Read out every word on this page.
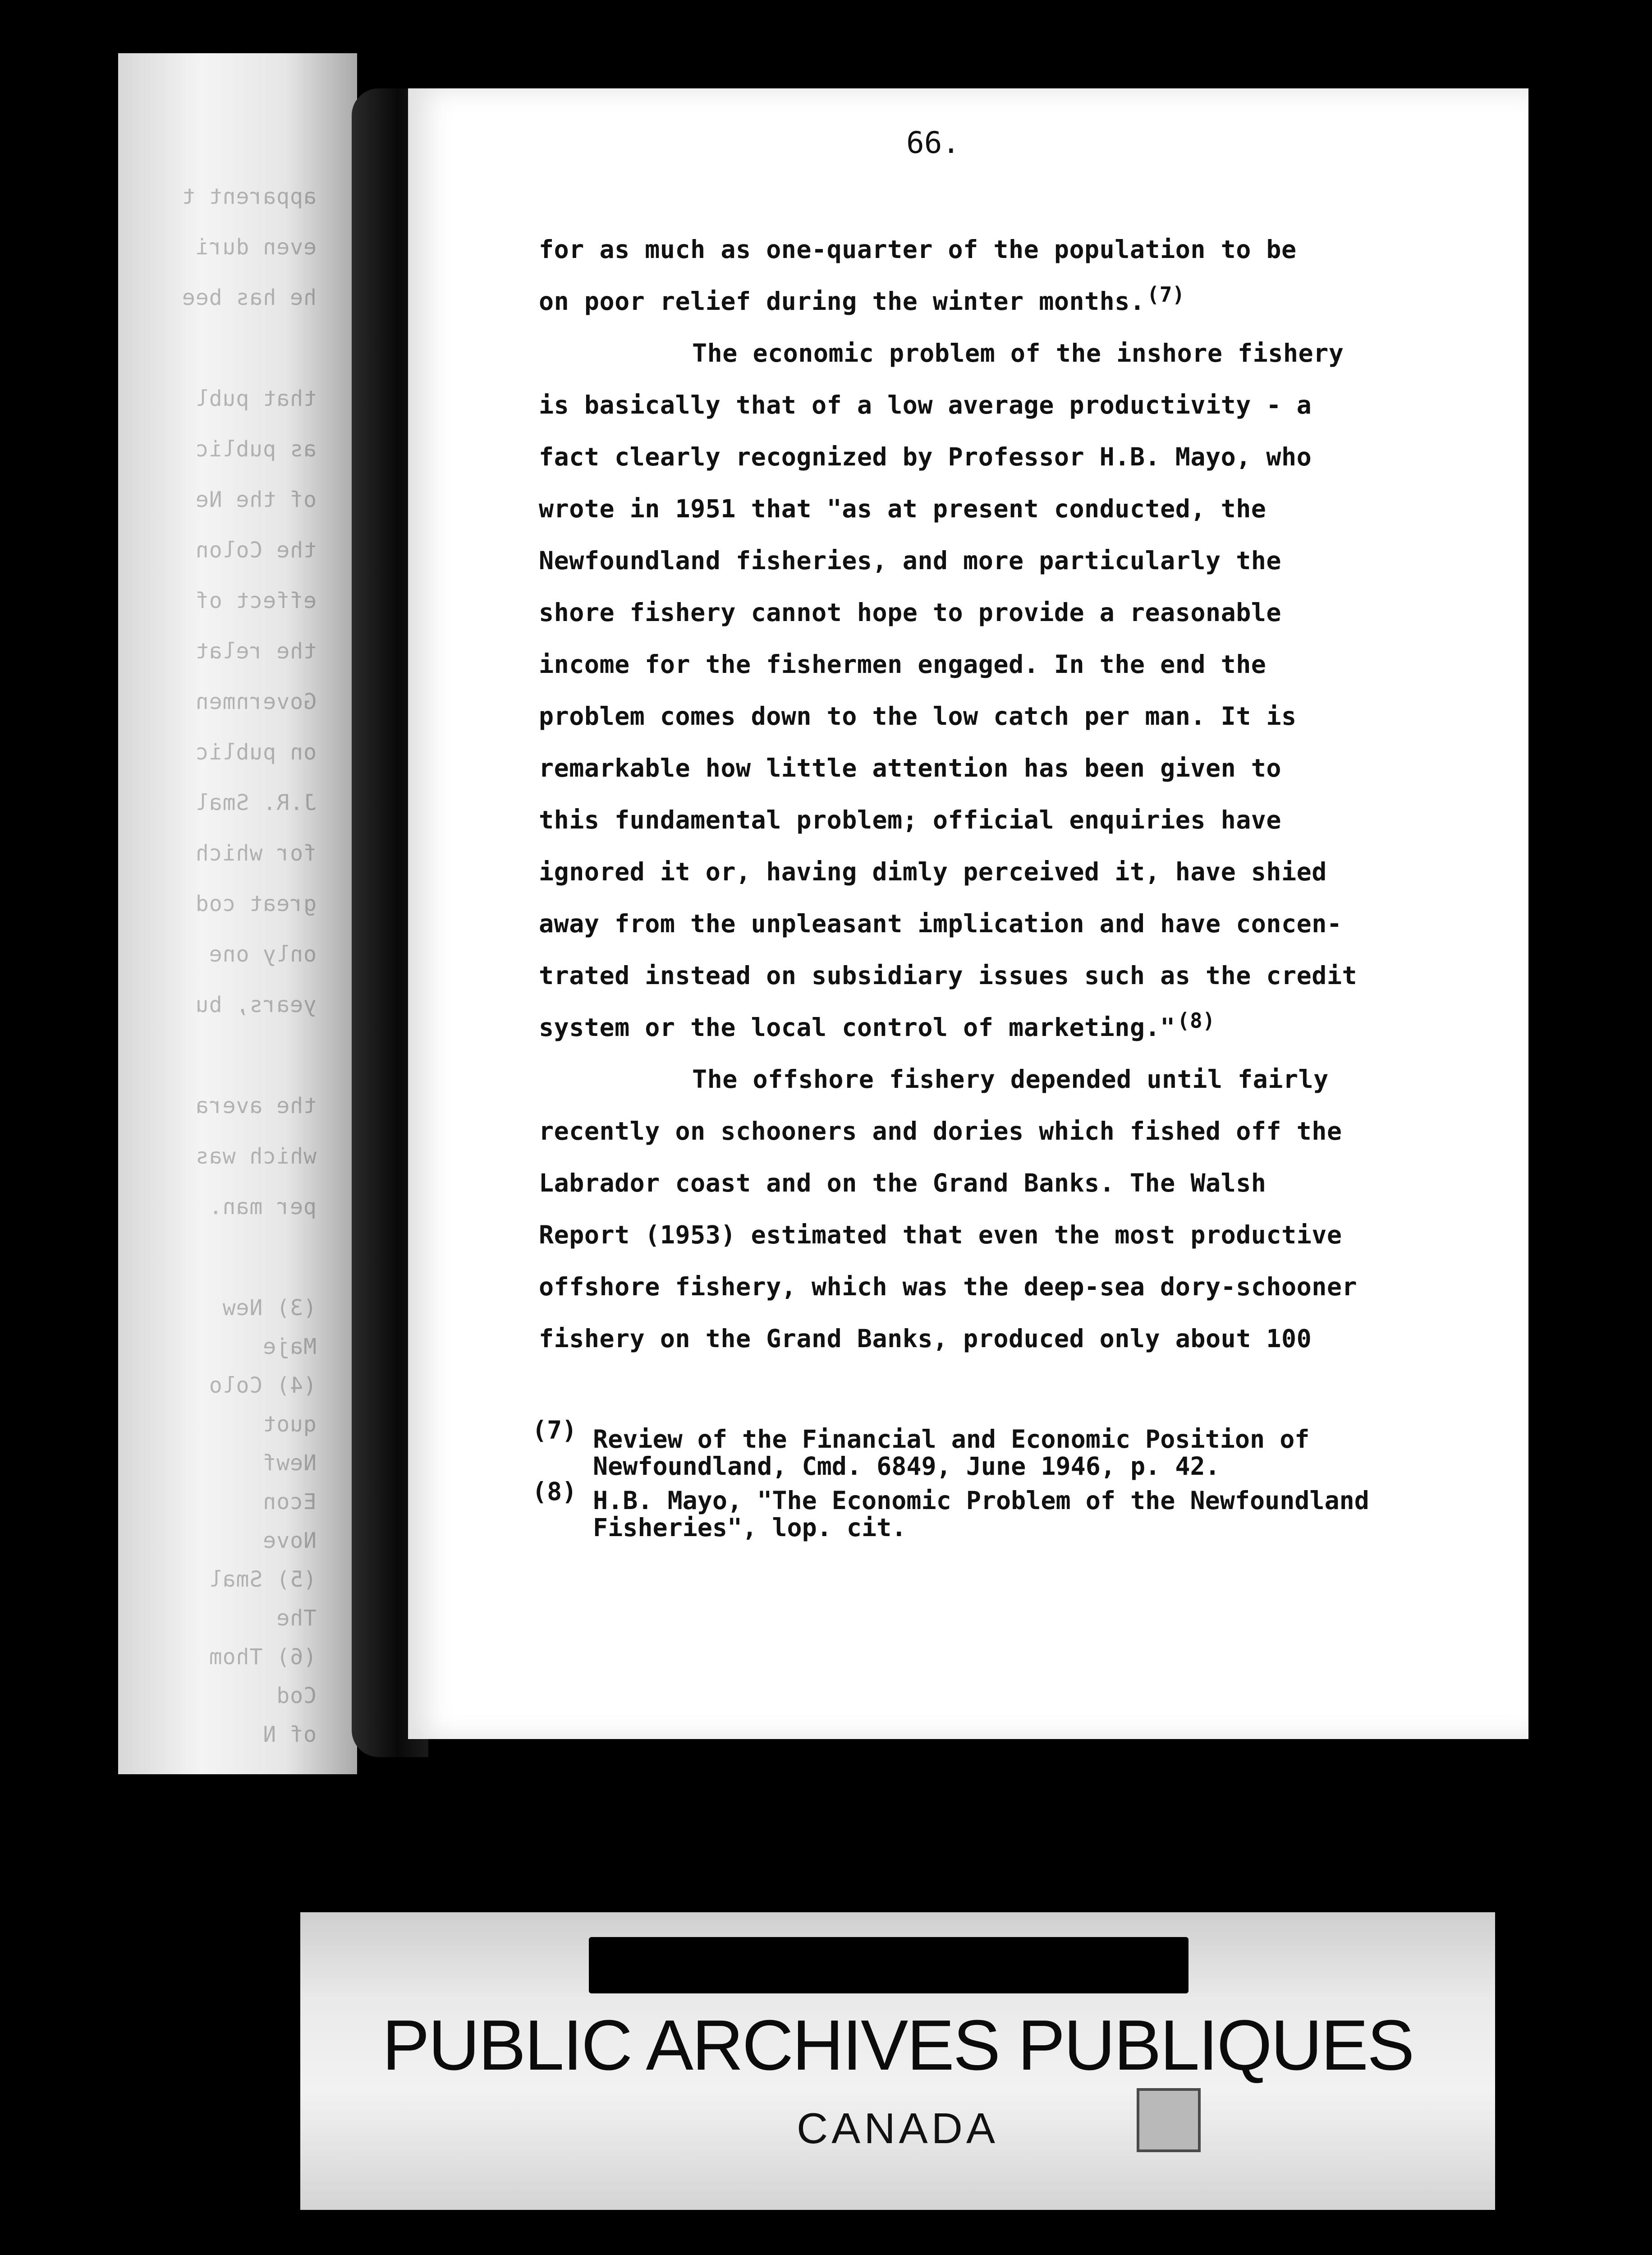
apparent t
even duri
he has bee
that publ
as public
of the Ne
the Colon
effect of
the relat
Governmen
on public
J.R. Smal
for which
great cod
only one
years, bu
the avera
which was
per man.
(3) New
Maje
(4) Colo
quot
Newf
Econ
Nove
(5) Smal
The
(6) Thom
Cod
of N
66.
for as much as one-quarter of the population to be
on poor relief during the winter months.$^{(7)}$
The economic problem of the inshore fishery
is basically that of a low average productivity - a
fact clearly recognized by Professor H.B. Mayo, who
wrote in 1951 that "as at present conducted, the
Newfoundland fisheries, and more particularly the
shore fishery cannot hope to provide a reasonable
income for the fishermen engaged. In the end the
problem comes down to the low catch per man. It is
remarkable how little attention has been given to
this fundamental problem; official enquiries have
ignored it or, having dimly perceived it, have shied
away from the unpleasant implication and have concen-
trated instead on subsidiary issues such as the credit
system or the local control of marketing."$^{(8)}$
The offshore fishery depended until fairly
recently on schooners and dories which fished off the
Labrador coast and on the Grand Banks. The Walsh
Report (1953) estimated that even the most productive
offshore fishery, which was the deep-sea dory-schooner
fishery on the Grand Banks, produced only about 100
(7) Review of the Financial and Economic Position of
Newfoundland, Cmd. 6849, June 1946, p. 42.
(8) H.B. Mayo, "The Economic Problem of the Newfoundland
Fisheries", lop. cit.
PUBLIC ARCHIVES PUBLIQUES
CANADA
